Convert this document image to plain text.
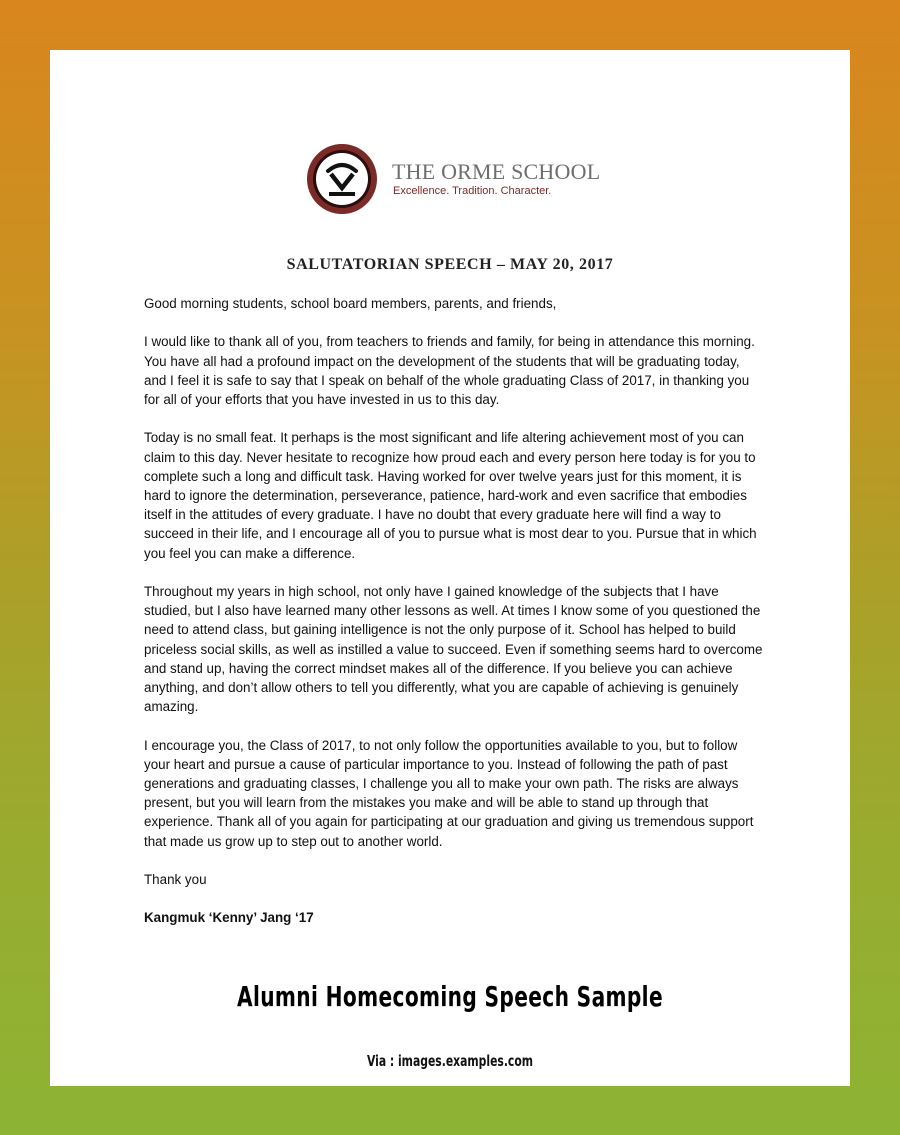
THE ORME SCHOOL
Excellence. Tradition. Character.
SALUTATORIAN SPEECH – MAY 20, 2017

Good morning students, school board members, parents, and friends,

I would like to thank all of you, from teachers to friends and family, for being in attendance this morning. You have all had a profound impact on the development of the students that will be graduating today, and I feel it is safe to say that I speak on behalf of the whole graduating Class of 2017, in thanking you for all of your efforts that you have invested in us to this day.

Today is no small feat. It perhaps is the most significant and life altering achievement most of you can claim to this day. Never hesitate to recognize how proud each and every person here today is for you to complete such a long and difficult task. Having worked for over twelve years just for this moment, it is hard to ignore the determination, perseverance, patience, hard-work and even sacrifice that embodies itself in the attitudes of every graduate. I have no doubt that every graduate here will find a way to succeed in their life, and I encourage all of you to pursue what is most dear to you. Pursue that in which you feel you can make a difference.

Throughout my years in high school, not only have I gained knowledge of the subjects that I have studied, but I also have learned many other lessons as well. At times I know some of you questioned the need to attend class, but gaining intelligence is not the only purpose of it. School has helped to build priceless social skills, as well as instilled a value to succeed. Even if something seems hard to overcome and stand up, having the correct mindset makes all of the difference. If you believe you can achieve anything, and don’t allow others to tell you differently, what you are capable of achieving is genuinely amazing.

I encourage you, the Class of 2017, to not only follow the opportunities available to you, but to follow your heart and pursue a cause of particular importance to you. Instead of following the path of past generations and graduating classes, I challenge you all to make your own path. The risks are always present, but you will learn from the mistakes you make and will be able to stand up through that experience. Thank all of you again for participating at our graduation and giving us tremendous support that made us grow up to step out to another world.

Thank you

Kangmuk ‘Kenny’ Jang ‘17

Alumni Homecoming Speech Sample
Via : images.examples.com
